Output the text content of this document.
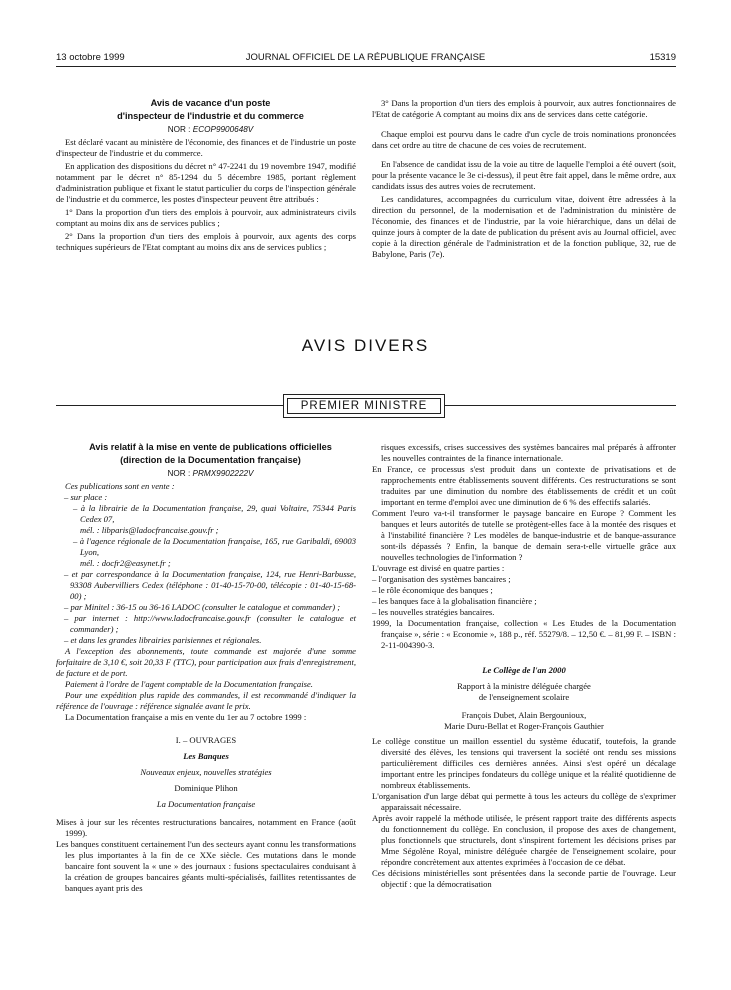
13 octobre 1999	JOURNAL OFFICIEL DE LA RÉPUBLIQUE FRANÇAISE	15319

Avis de vacance d'un poste

d'inspecteur de l'industrie et du commerce

NOR : ECOP9900648V

Est déclaré vacant au ministère de l'économie, des finances et de l'industrie un poste d'inspecteur de l'industrie et du commerce.

En application des dispositions du décret n° 47-2241 du 19 novembre 1947, modifié notamment par le décret n° 85-1294 du 5 décembre 1985, portant règlement d'administration publique et fixant le statut particulier du corps de l'inspection générale de l'industrie et du commerce, les postes d'inspecteur peuvent être attribués :

1° Dans la proportion d'un tiers des emplois à pourvoir, aux administrateurs civils comptant au moins dix ans de services publics ;

2° Dans la proportion d'un tiers des emplois à pourvoir, aux agents des corps techniques supérieurs de l'Etat comptant au moins dix ans de services publics ;

3° Dans la proportion d'un tiers des emplois à pourvoir, aux autres fonctionnaires de l'Etat de catégorie A comptant au moins dix ans de services dans cette catégorie.

Chaque emploi est pourvu dans le cadre d'un cycle de trois nominations prononcées dans cet ordre au titre de chacune de ces voies de recrutement.

En l'absence de candidat issu de la voie au titre de laquelle l'emploi a été ouvert (soit, pour la présente vacance le 3e ci-dessus), il peut être fait appel, dans le même ordre, aux candidats issus des autres voies de recrutement.

Les candidatures, accompagnées du curriculum vitae, doivent être adressées à la direction du personnel, de la modernisation et de l'administration du ministère de l'économie, des finances et de l'industrie, par la voie hiérarchique, dans un délai de quinze jours à compter de la date de publication du présent avis au Journal officiel, avec copie à la direction générale de l'administration et de la fonction publique, 32, rue de Babylone, Paris (7e).

AVIS DIVERS
PREMIER MINISTRE

Avis relatif à la mise en vente de publications officielles

(direction de la Documentation française)

NOR : PRMX9902222V

Ces publications sont en vente :

– sur place :

– à la librairie de la Documentation française, 29, quai Voltaire, 75344 Paris Cedex 07,

mél. : libparis@ladocfrancaise.gouv.fr ;

– à l'agence régionale de la Documentation française, 165, rue Garibaldi, 69003 Lyon,

mél. : docfr2@easynet.fr ;

– et par correspondance à la Documentation française, 124, rue Henri-Barbusse, 93308 Aubervilliers Cedex (téléphone : 01-40-15-70-00, télécopie : 01-40-15-68-00) ;

– par Minitel : 36-15 ou 36-16 LADOC (consulter le catalogue et commander) ;

– par internet : http://www.ladocfrancaise.gouv.fr (consulter le catalogue et commander) ;

– et dans les grandes librairies parisiennes et régionales.

A l'exception des abonnements, toute commande est majorée d'une somme forfaitaire de 3,10 €, soit 20,33 F (TTC), pour participation aux frais d'enregistrement, de facture et de port.

Paiement à l'ordre de l'agent comptable de la Documentation française.

Pour une expédition plus rapide des commandes, il est recommandé d'indiquer la référence de l'ouvrage : référence signalée avant le prix.

La Documentation française a mis en vente du 1er au 7 octobre 1999 :

I. – OUVRAGES

Les Banques

Nouveaux enjeux, nouvelles stratégies

Dominique Plihon

La Documentation française

Mises à jour sur les récentes restructurations bancaires, notamment en France (août 1999).

Les banques constituent certainement l'un des secteurs ayant connu les transformations les plus importantes à la fin de ce XXe siècle. Ces mutations dans le monde bancaire font souvent la « une » des journaux : fusions spectaculaires conduisant à la création de groupes bancaires géants multi-spécialisés, faillites retentissantes de banques ayant pris des

risques excessifs, crises successives des systèmes bancaires mal préparés à affronter les nouvelles contraintes de la finance internationale.

En France, ce processus s'est produit dans un contexte de privatisations et de rapprochements entre établissements souvent différents. Ces restructurations se sont traduites par une diminution du nombre des établissements de crédit et un coût important en terme d'emploi avec une diminution de 6 % des effectifs salariés.

Comment l'euro va-t-il transformer le paysage bancaire en Europe ? Comment les banques et leurs autorités de tutelle se protègent-elles face à la montée des risques et à l'instabilité financière ? Les modèles de banque-industrie et de banque-assurance sont-ils dépassés ? Enfin, la banque de demain sera-t-elle virtuelle grâce aux nouvelles technologies de l'information ?

L'ouvrage est divisé en quatre parties :

– l'organisation des systèmes bancaires ;

– le rôle économique des banques ;

– les banques face à la globalisation financière ;

– les nouvelles stratégies bancaires.

1999, la Documentation française, collection « Les Etudes de la Documentation française », série : « Economie », 188 p., réf. 55279/8. – 12,50 €. – 81,99 F. – ISBN : 2-11-004390-3.

Le Collège de l'an 2000

Rapport à la ministre déléguée chargée

de l'enseignement scolaire

François Dubet, Alain Bergounioux,

Marie Duru-Bellat et Roger-François Gauthier

Le collège constitue un maillon essentiel du système éducatif, toutefois, la grande diversité des élèves, les tensions qui traversent la société ont rendu ses missions particulièrement difficiles ces dernières années. Ainsi s'est opéré un décalage important entre les principes fondateurs du collège unique et la réalité quotidienne de nombreux établissements.

L'organisation d'un large débat qui permette à tous les acteurs du collège de s'exprimer apparaissait nécessaire.

Après avoir rappelé la méthode utilisée, le présent rapport traite des différents aspects du fonctionnement du collège. En conclusion, il propose des axes de changement, plus fonctionnels que structurels, dont s'inspirent fortement les décisions prises par Mme Ségolène Royal, ministre déléguée chargée de l'enseignement scolaire, pour répondre concrètement aux attentes exprimées à l'occasion de ce débat.

Ces décisions ministérielles sont présentées dans la seconde partie de l'ouvrage. Leur objectif : que la démocratisation
